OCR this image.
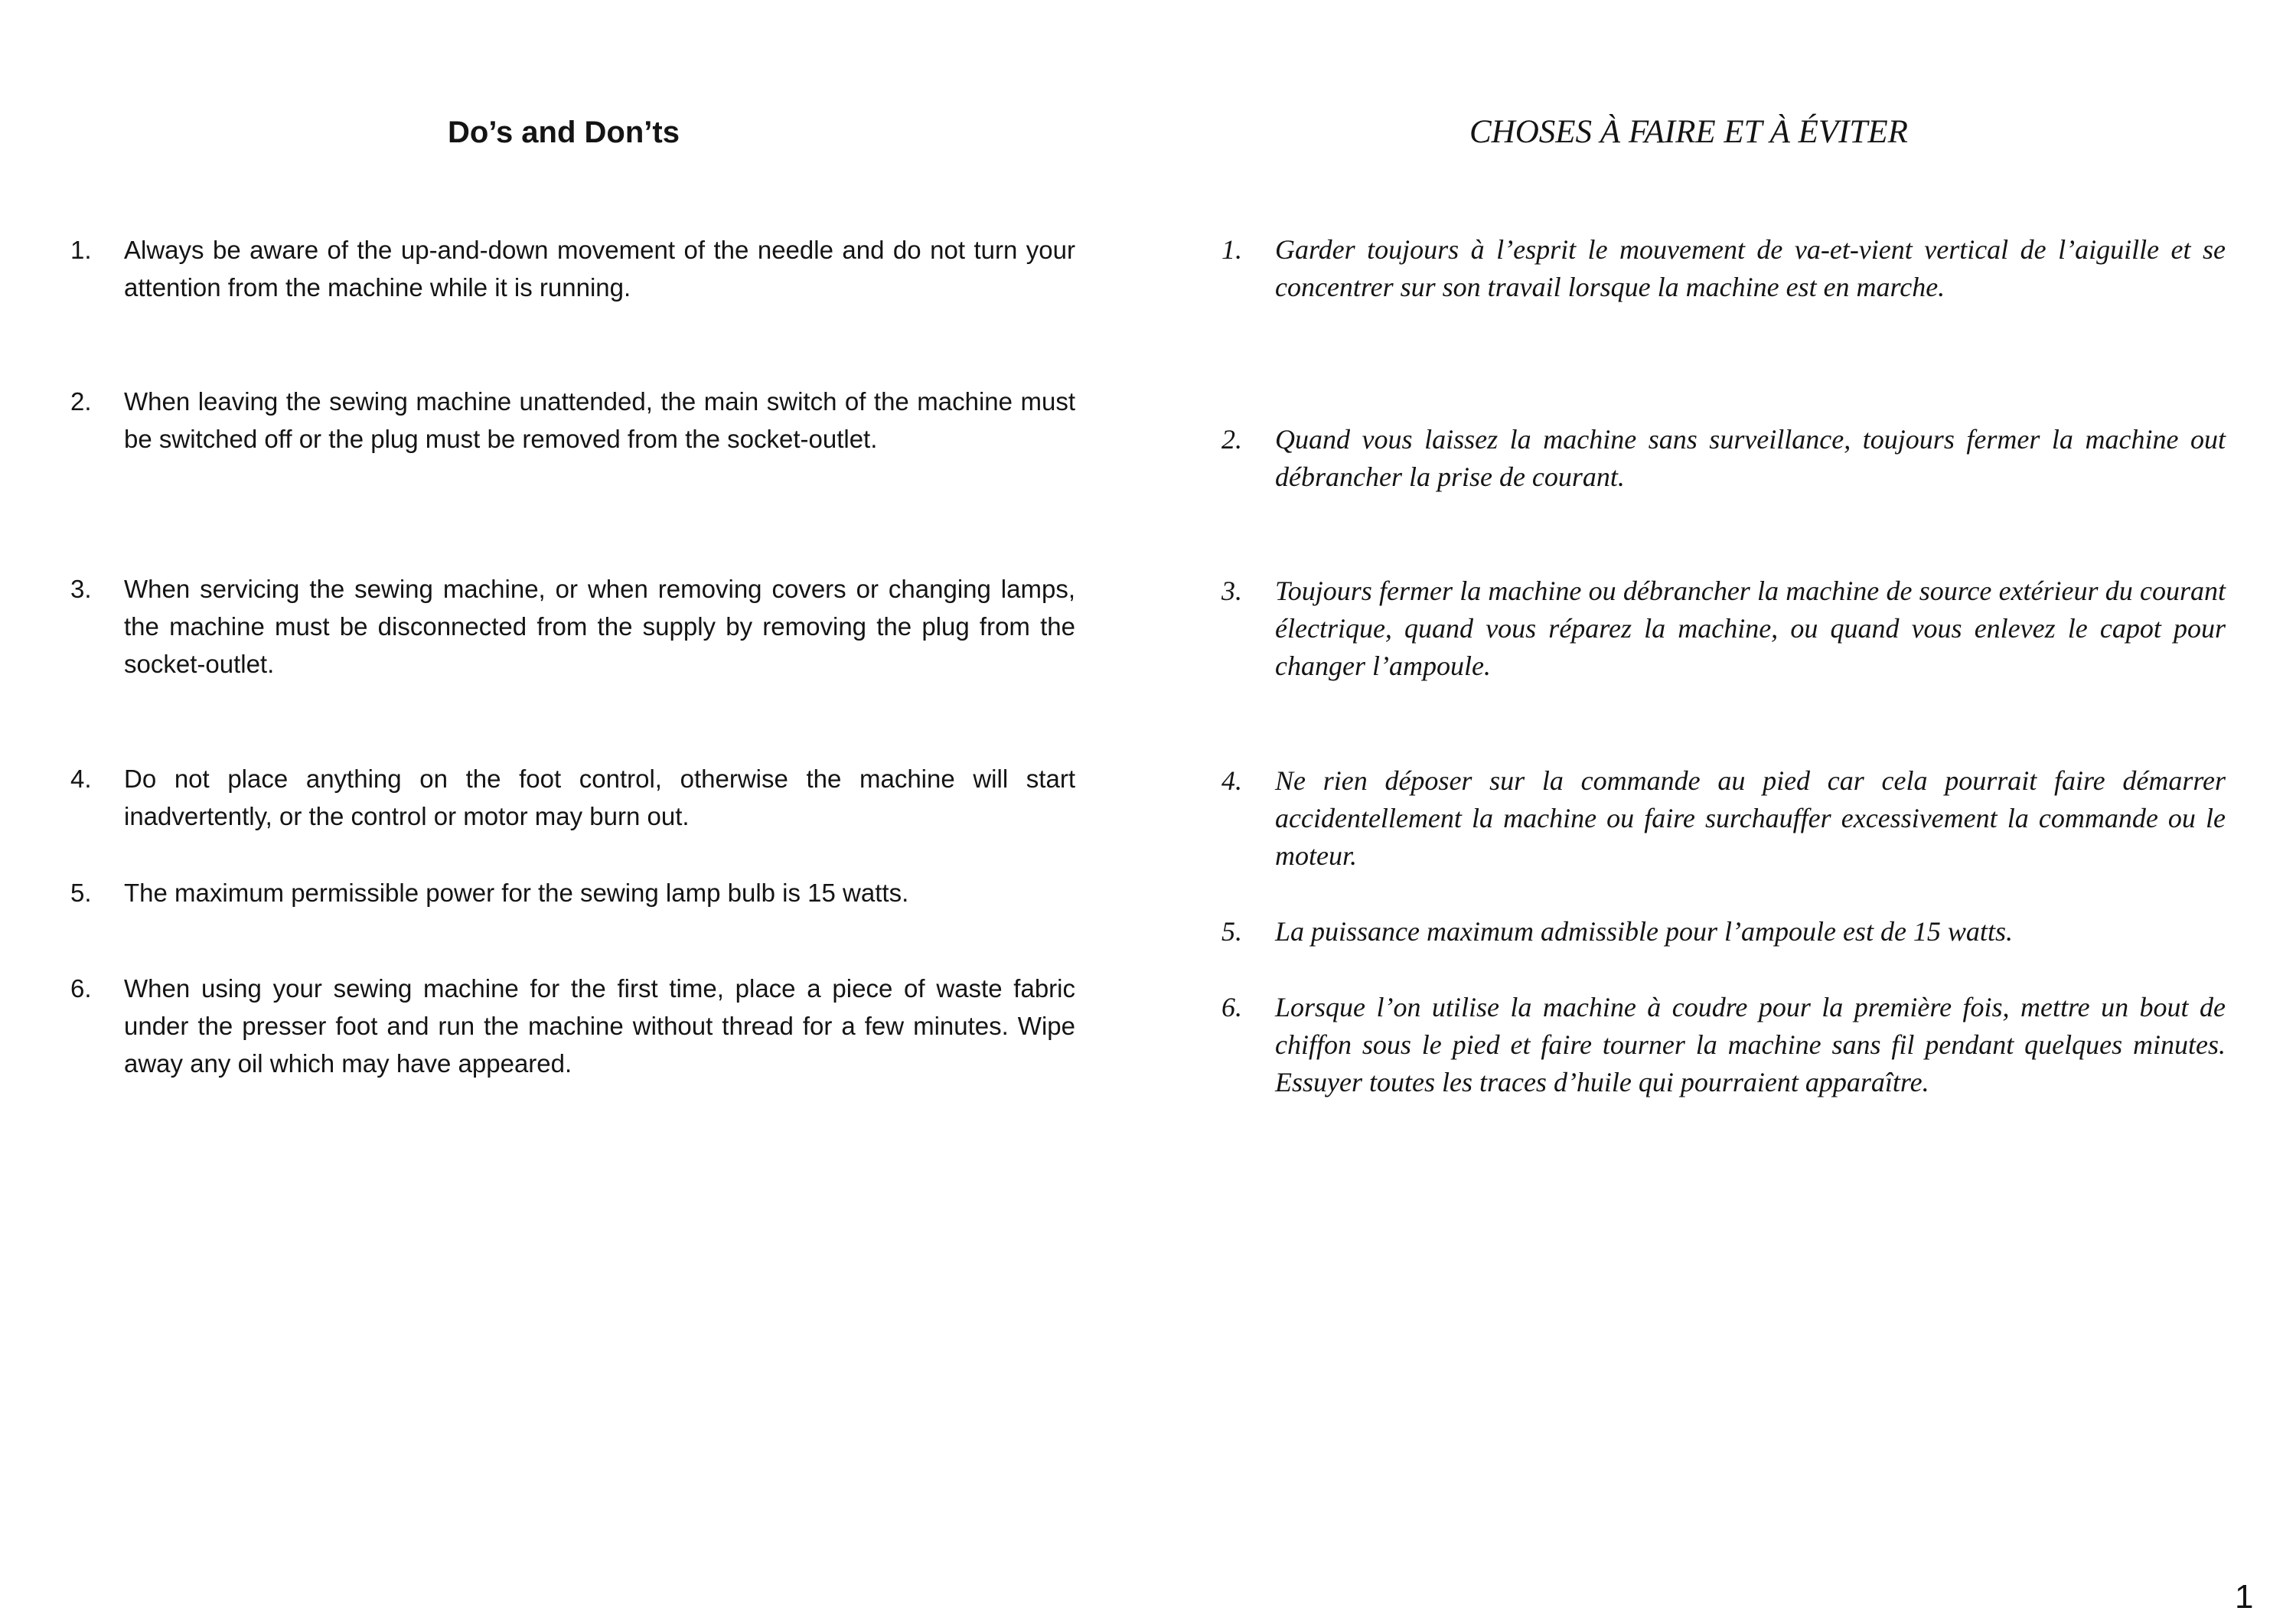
Do’s and Don’ts
1.	Always be aware of the up-and-down movement of the needle and do not turn your attention from the machine while it is running.

2.	When leaving the sewing machine unattended, the main switch of the machine must be switched off or the plug must be removed from the socket-outlet.

3.	When servicing the sewing machine, or when removing covers or changing lamps, the machine must be disconnected from the supply by removing the plug from the socket-outlet.

4.	Do not place anything on the foot control, otherwise the machine will start inadvertently, or the control or motor may burn out.

5.	The maximum permissible power for the sewing lamp bulb is 15 watts.

6.	When using your sewing machine for the first time, place a piece of waste fabric under the presser foot and run the machine without thread for a few minutes. Wipe away any oil which may have appeared.

CHOSES À FAIRE ET À ÉVITER
1.	Garder toujours à l’esprit le mouvement de va-et-vient vertical de l’aiguille et se concentrer sur son travail lorsque la machine est en marche.

2.	Quand vous laissez la machine sans surveillance, toujours fermer la machine out débrancher la prise de courant.

3.	Toujours fermer la machine ou débrancher la machine de source extérieur du courant électrique, quand vous réparez la machine, ou quand vous enlevez le capot pour changer l’ampoule.

4.	Ne rien déposer sur la commande au pied car cela pourrait faire démarrer accidentellement la machine ou faire surchauffer excessivement la commande ou le moteur.

5.	La puissance maximum admissible pour l’ampoule est de 15 watts.

6.	Lorsque l’on utilise la machine à coudre pour la première fois, mettre un bout de chiffon sous le pied et faire tourner la machine sans fil pendant quelques minutes. Essuyer toutes les traces d’huile qui pourraient apparaître.

1
